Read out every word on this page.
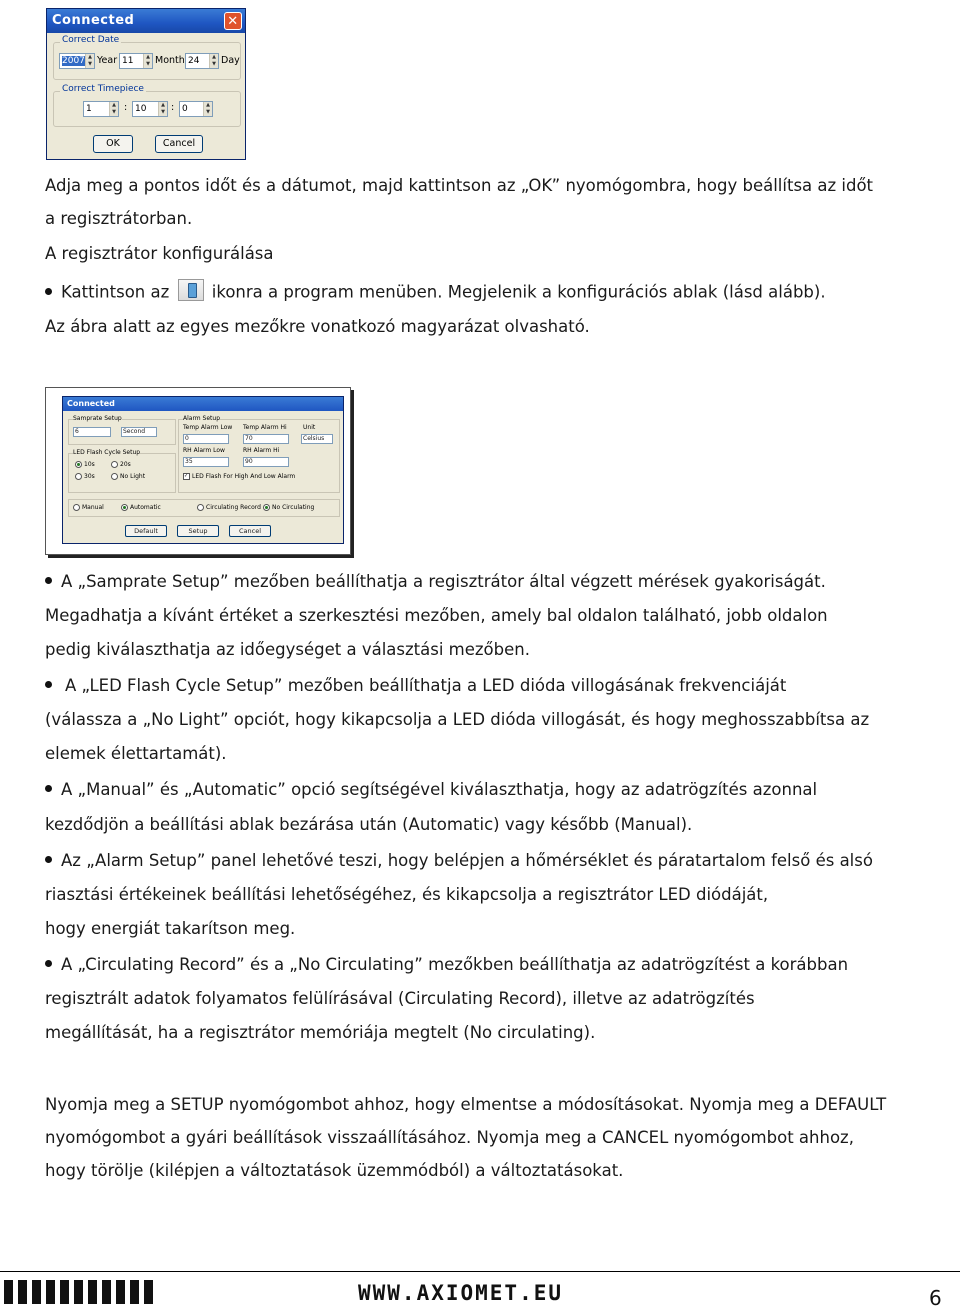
Connected	✕
Correct Date
2007 ▲
▼ Year 11	▲
▼ Month 24	▲
▼ Day
Correct Timepiece
1	▲
▼ : 10	▲
▼ : 0	▲
▼
OK	Cancel
Adja meg a pontos időt és a dátumot, majd kattintson az „OK” nyomógombra, hogy beállítsa az időt
a regisztrátorban.
A regisztrátor konfigurálása
Kattintson az	ikonra a program menüben. Megjelenik a konfigurációs ablak (lásd alább).
Az ábra alatt az egyes mezőkre vonatkozó magyarázat olvasható.
Connected
Samprate Setup
6	Second
LED Flash Cycle Setup
10s	20s
30s	No Light
Alarm Setup
Temp Alarm Low Temp Alarm Hi	Unit
0	70	Celsius
RH Alarm Low	RH Alarm Hi
35	90
✓ LED Flash For High And Low Alarm
Manual	Automatic	Circulating Record	No Circulating
Default	Setup	Cancel
A „Samprate Setup” mezőben beállíthatja a regisztrátor által végzett mérések gyakoriságát.
Megadhatja a kívánt értéket a szerkesztési mezőben, amely bal oldalon található, jobb oldalon
pedig kiválaszthatja az időegységet a választási mezőben.
A „LED Flash Cycle Setup” mezőben beállíthatja a LED dióda villogásának frekvenciáját
(válassza a „No Light” opciót, hogy kikapcsolja a LED dióda villogását, és hogy meghosszabbítsa az
elemek élettartamát).
A „Manual” és „Automatic” opció segítségével kiválaszthatja, hogy az adatrögzítés azonnal
kezdődjön a beállítási ablak bezárása után (Automatic) vagy később (Manual).
Az „Alarm Setup” panel lehetővé teszi, hogy belépjen a hőmérséklet és páratartalom felső és alsó
riasztási értékeinek beállítási lehetőségéhez, és kikapcsolja a regisztrátor LED diódáját,
hogy energiát takarítson meg.
A „Circulating Record” és a „No Circulating” mezőkben beállíthatja az adatrögzítést a korábban
regisztrált adatok folyamatos felülírásával (Circulating Record), illetve az adatrögzítés
megállítását, ha a regisztrátor memóriája megtelt (No circulating).
Nyomja meg a SETUP nyomógombot ahhoz, hogy elmentse a módosításokat. Nyomja meg a DEFAULT
nyomógombot a gyári beállítások visszaállításához. Nyomja meg a CANCEL nyomógombot ahhoz,
hogy törölje (kilépjen a változtatások üzemmódból) a változtatásokat.
WWW.AXIOMET.EU	6
